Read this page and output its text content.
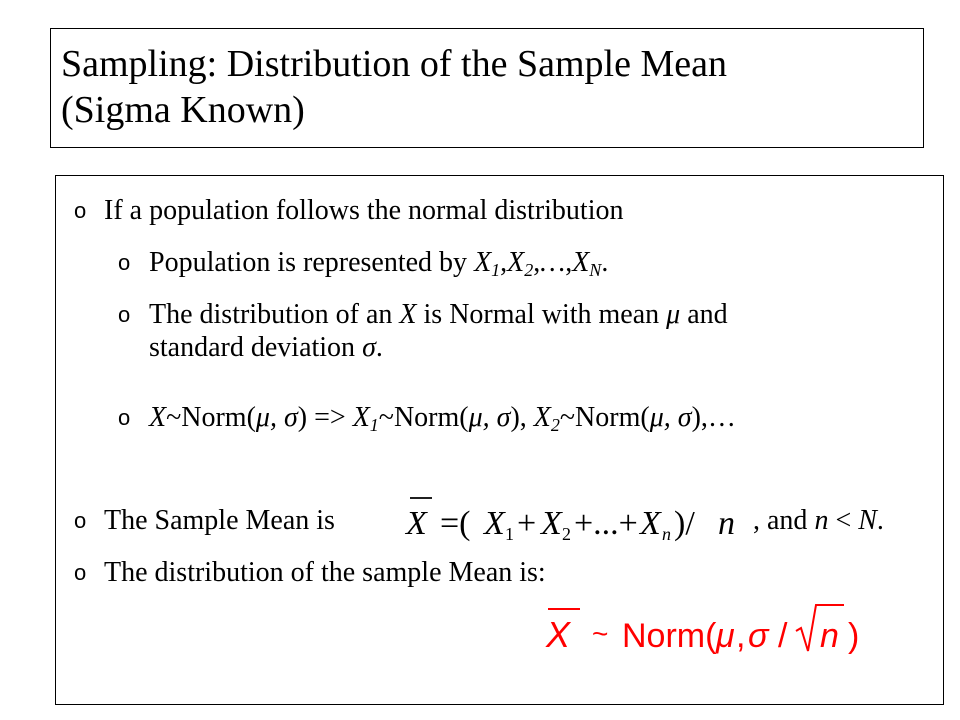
Sampling: Distribution of the Sample Mean
(Sigma Known)
o If a population follows the normal distribution
o Population is represented by $X_1,X_2,\dots,X_N$.
o The distribution of an X is Normal with mean μ and
standard deviation σ.
o X~Norm(μ, $\sigma) => X_1\sim Norm(\mu$, σ), $X_2\sim Norm(\mu$, σ),…
o The Sample Mean is X =( X 1 + X 2 +...+ X n )/ n , and n < N.
o The distribution of the sample Mean is:
X ~ Norm( μ , σ / n )
